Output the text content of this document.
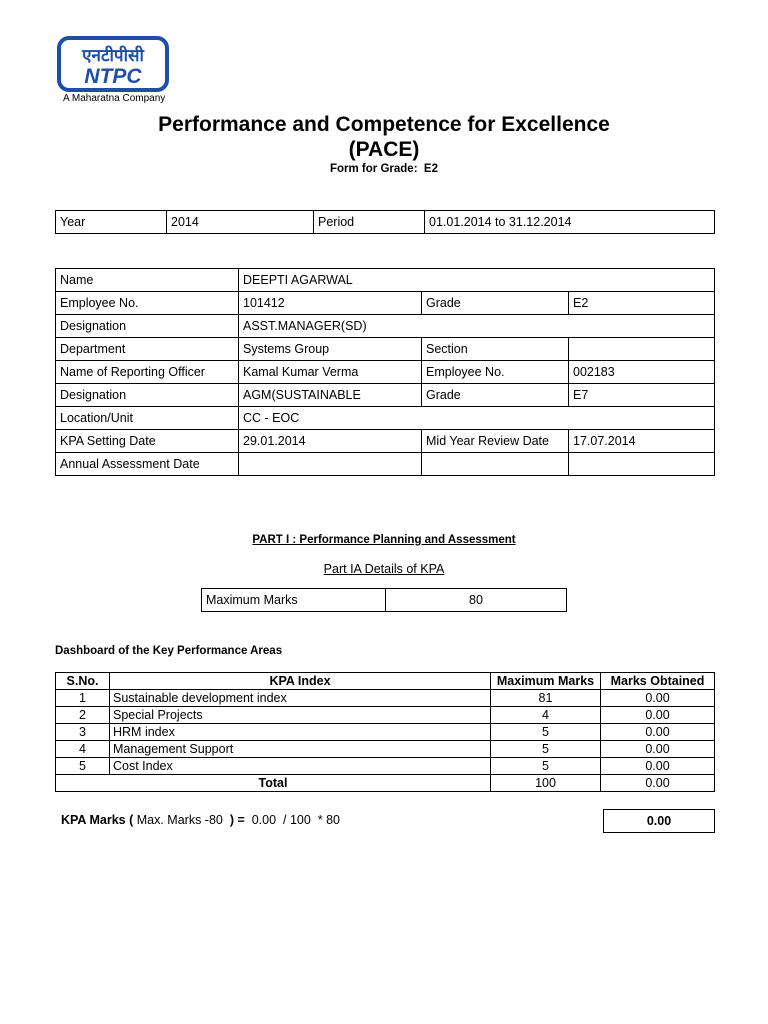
एनटीपीसी
NTPC
A Maharatna Company
Performance and Competence for Excellence
(PACE)
Form for Grade: E2
Year	2014	Period	01.01.2014 to 31.12.2014
Name	DEEPTI AGARWAL		
Employee No.	101412	Grade	E2
Designation	ASST.MANAGER(SD)		
Department	Systems Group	Section	
Name of Reporting Officer	Kamal Kumar Verma	Employee No.	002183
Designation	AGM(SUSTAINABLE	Grade	E7
Location/Unit	CC - EOC		
KPA Setting Date	29.01.2014	Mid Year Review Date	17.07.2014
Annual Assessment Date			
PART I : Performance Planning and Assessment
Part IA Details of KPA
Maximum Marks	80
Dashboard of the Key Performance Areas
S.No.	KPA Index	Maximum Marks	Marks Obtained
1	Sustainable development index	81	0.00
2	Special Projects	4	0.00
3	HRM index	5	0.00
4	Management Support	5	0.00
5	Cost Index	5	0.00
Total		100	0.00
KPA Marks ( Max. Marks -80 ) = 0.00  / 100  * 80	0.00
